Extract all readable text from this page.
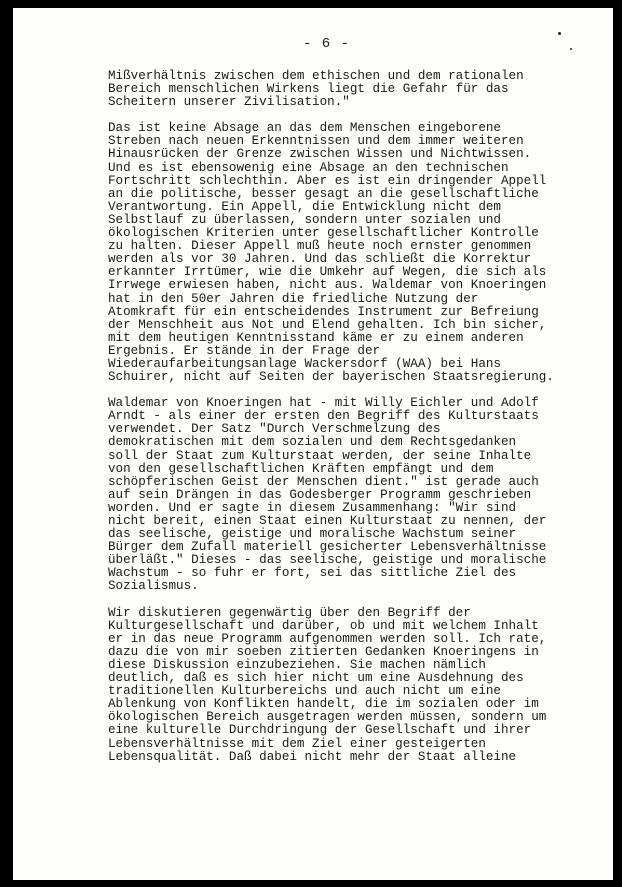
- 6 -
Mißverhältnis zwischen dem ethischen und dem rationalen
Bereich menschlichen Wirkens liegt die Gefahr für das
Scheitern unserer Zivilisation."
Das ist keine Absage an das dem Menschen eingeborene
Streben nach neuen Erkenntnissen und dem immer weiteren
Hinausrücken der Grenze zwischen Wissen und Nichtwissen.
Und es ist ebensowenig eine Absage an den technischen
Fortschritt schlechthin. Aber es ist ein dringender Appell
an die politische, besser gesagt an die gesellschaftliche
Verantwortung. Ein Appell, die Entwicklung nicht dem
Selbstlauf zu überlassen, sondern unter sozialen und
ökologischen Kriterien unter gesellschaftlicher Kontrolle
zu halten. Dieser Appell muß heute noch ernster genommen
werden als vor 30 Jahren. Und das schließt die Korrektur
erkannter Irrtümer, wie die Umkehr auf Wegen, die sich als
Irrwege erwiesen haben, nicht aus. Waldemar von Knoeringen
hat in den 50er Jahren die friedliche Nutzung der
Atomkraft für ein entscheidendes Instrument zur Befreiung
der Menschheit aus Not und Elend gehalten. Ich bin sicher,
mit dem heutigen Kenntnisstand käme er zu einem anderen
Ergebnis. Er stände in der Frage der
Wiederaufarbeitungsanlage Wackersdorf (WAA) bei Hans
Schuirer, nicht auf Seiten der bayerischen Staatsregierung.
Waldemar von Knoeringen hat - mit Willy Eichler und Adolf
Arndt - als einer der ersten den Begriff des Kulturstaats
verwendet. Der Satz "Durch Verschmelzung des
demokratischen mit dem sozialen und dem Rechtsgedanken
soll der Staat zum Kulturstaat werden, der seine Inhalte
von den gesellschaftlichen Kräften empfängt und dem
schöpferischen Geist der Menschen dient." ist gerade auch
auf sein Drängen in das Godesberger Programm geschrieben
worden. Und er sagte in diesem Zusammenhang: "Wir sind
nicht bereit, einen Staat einen Kulturstaat zu nennen, der
das seelische, geistige und moralische Wachstum seiner
Bürger dem Zufall materiell gesicherter Lebensverhältnisse
überläßt." Dieses - das seelische, geistige und moralische
Wachstum - so fuhr er fort, sei das sittliche Ziel des
Sozialismus.
Wir diskutieren gegenwärtig über den Begriff der
Kulturgesellschaft und darüber, ob und mit welchem Inhalt
er in das neue Programm aufgenommen werden soll. Ich rate,
dazu die von mir soeben zitierten Gedanken Knoeringens in
diese Diskussion einzubeziehen. Sie machen nämlich
deutlich, daß es sich hier nicht um eine Ausdehnung des
traditionellen Kulturbereichs und auch nicht um eine
Ablenkung von Konflikten handelt, die im sozialen oder im
ökologischen Bereich ausgetragen werden müssen, sondern um
eine kulturelle Durchdringung der Gesellschaft und ihrer
Lebensverhältnisse mit dem Ziel einer gesteigerten
Lebensqualität. Daß dabei nicht mehr der Staat alleine
